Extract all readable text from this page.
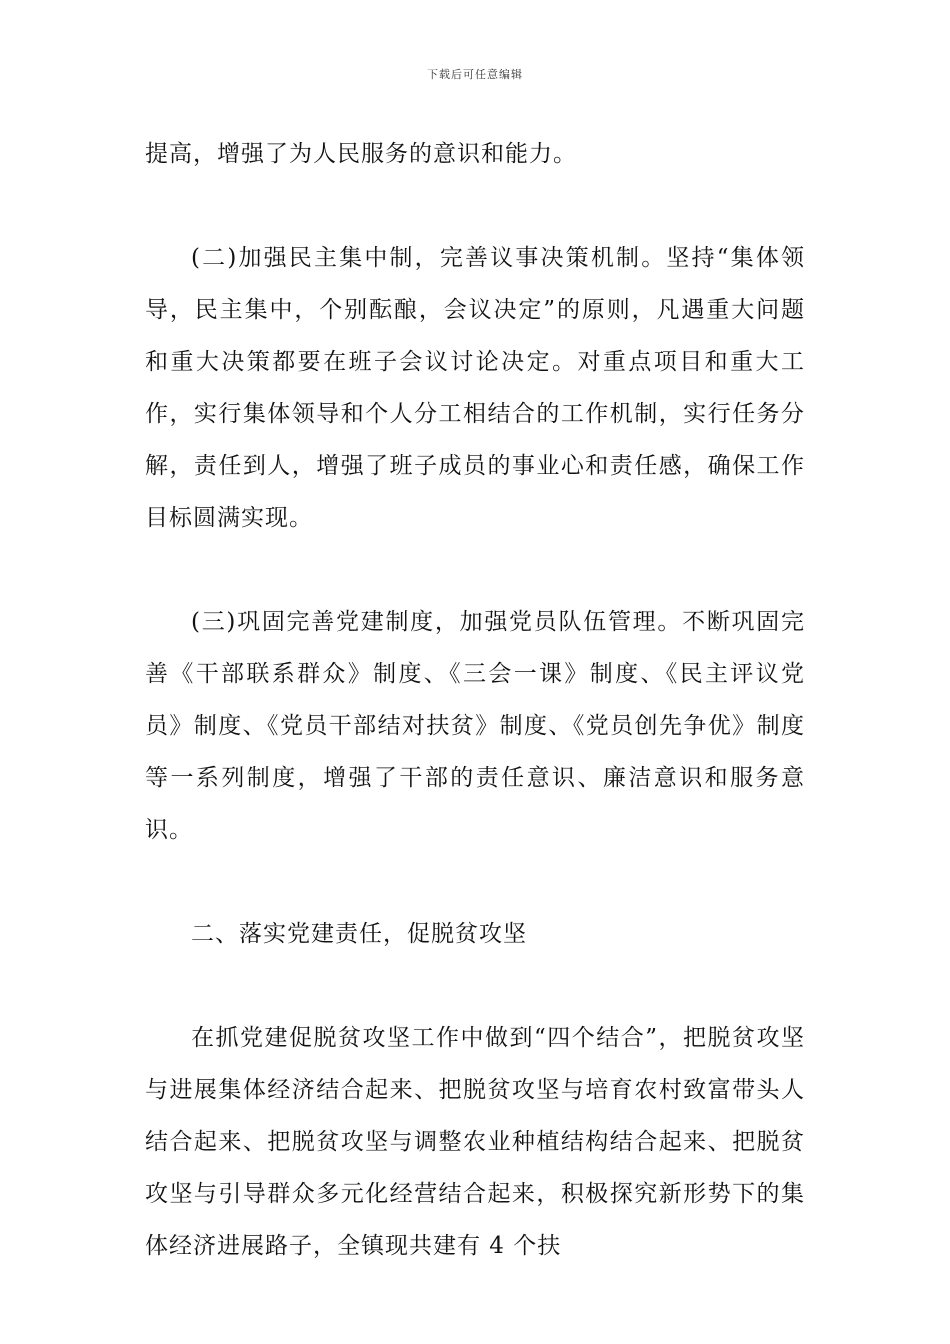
下载后可任意编辑

提高，增强了为人民服务的意识和能力。

(二)加强民主集中制，完善议事决策机制。坚持“集体领导，民主集中，个别酝酿，会议决定”的原则，凡遇重大问题和重大决策都要在班子会议讨论决定。对重点项目和重大工作，实行集体领导和个人分工相结合的工作机制，实行任务分解，责任到人，增强了班子成员的事业心和责任感，确保工作目标圆满实现。

(三)巩固完善党建制度，加强党员队伍管理。不断巩固完善《干部联系群众》制度、《三会一课》制度、《民主评议党员》制度、《党员干部结对扶贫》制度、《党员创先争优》制度等一系列制度，增强了干部的责任意识、廉洁意识和服务意识。

二、落实党建责任，促脱贫攻坚

在抓党建促脱贫攻坚工作中做到“四个结合”，把脱贫攻坚与进展集体经济结合起来、把脱贫攻坚与培育农村致富带头人结合起来、把脱贫攻坚与调整农业种植结构结合起来、把脱贫攻坚与引导群众多元化经营结合起来，积极探究新形势下的集体经济进展路子，全镇现共建有 4 个扶
